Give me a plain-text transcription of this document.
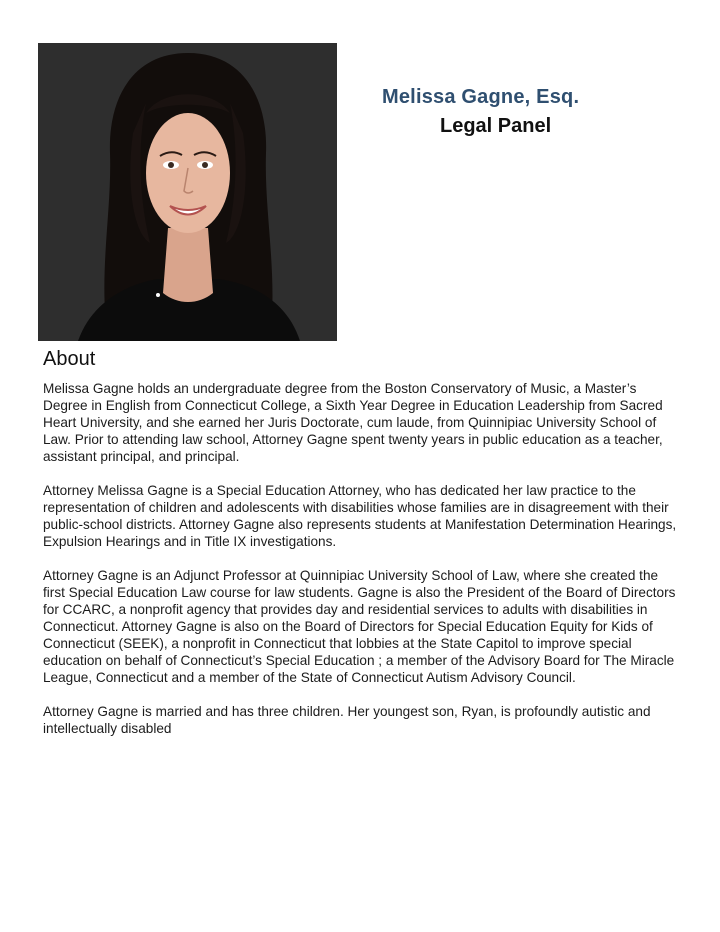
Melissa Gagne, Esq.
Legal Panel
About

Melissa Gagne holds an undergraduate degree from the Boston Conservatory of Music, a Master’s Degree in English from Connecticut College, a Sixth Year Degree in Education Leadership from Sacred Heart University, and she earned her Juris Doctorate, cum laude, from Quinnipiac University School of Law. Prior to attending law school, Attorney Gagne spent twenty years in public education as a teacher, assistant principal, and principal.

Attorney Melissa Gagne is a Special Education Attorney, who has dedicated her law practice to the representation of children and adolescents with disabilities whose families are in disagreement with their public-school districts. Attorney Gagne also represents students at Manifestation Determination Hearings, Expulsion Hearings and in Title IX investigations.

Attorney Gagne is an Adjunct Professor at Quinnipiac University School of Law, where she created the first Special Education Law course for law students. Gagne is also the President of the Board of Directors for CCARC, a nonprofit agency that provides day and residential services to adults with disabilities in Connecticut. Attorney Gagne is also on the Board of Directors for Special Education Equity for Kids of Connecticut (SEEK), a nonprofit in Connecticut that lobbies at the State Capitol to improve special education on behalf of Connecticut’s Special Education ; a member of the Advisory Board for The Miracle League, Connecticut and a member of the State of Connecticut Autism Advisory Council.

Attorney Gagne is married and has three children. Her youngest son, Ryan, is profoundly autistic and intellectually disabled
